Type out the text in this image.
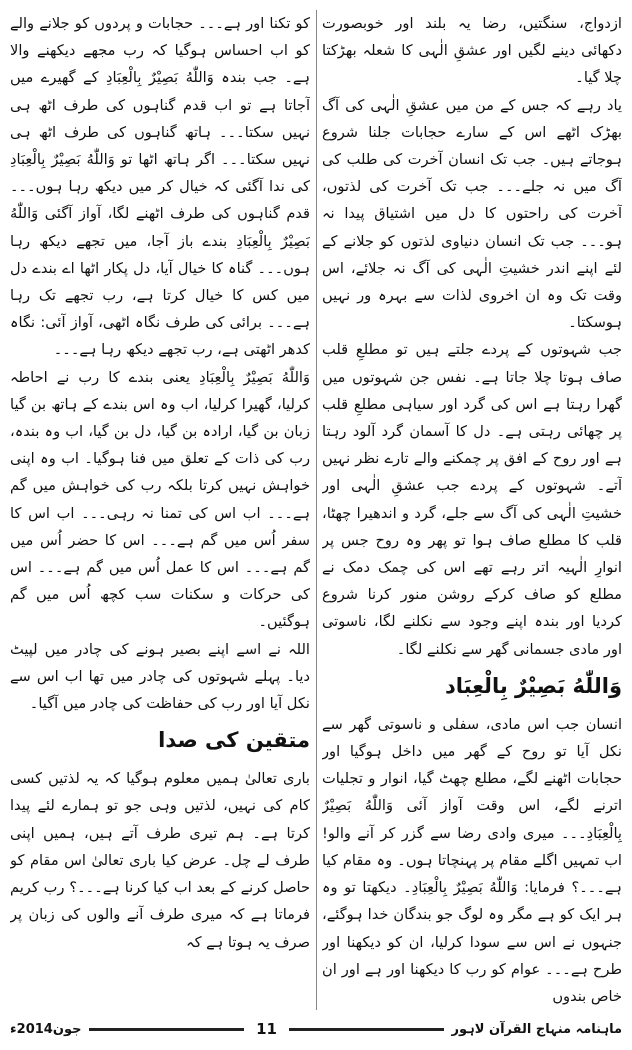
ازدواج، سنگتیں، رضا یہ بلند اور خوبصورت دکھائی دینے لگیں اور عشقِ الٰہی کا شعلہ بھڑکتا چلا گیا۔

یاد رہے کہ جس کے من میں عشقِ الٰہی کی آگ بھڑک اٹھے اس کے سارے حجابات جلنا شروع ہوجاتے ہیں۔ جب تک انسان آخرت کی طلب کی آگ میں نہ جلے۔۔۔ جب تک آخرت کی لذتوں، آخرت کی راحتوں کا دل میں اشتیاق پیدا نہ ہو۔۔۔ جب تک انسان دنیاوی لذتوں کو جلانے کے لئے اپنے اندر خشیتِ الٰہی کی آگ نہ جلائے، اس وقت تک وہ ان اخروی لذات سے بہرہ ور نہیں ہوسکتا۔

جب شہوتوں کے پردے جلتے ہیں تو مطلعِ قلب صاف ہوتا چلا جاتا ہے۔ نفس جن شہوتوں میں گھرا رہتا ہے اس کی گرد اور سیاہی مطلعِ قلب پر چھائی رہتی ہے۔ دل کا آسمان گرد آلود رہتا ہے اور روح کے افق پر چمکنے والے تارے نظر نہیں آتے۔ شہوتوں کے پردے جب عشقِ الٰہی اور خشیتِ الٰہی کی آگ سے جلے، گرد و اندھیرا چھٹا، قلب کا مطلع صاف ہوا تو پھر وہ روح جس پر انوارِ الٰہیہ اتر رہے تھے اس کی چمک دمک نے مطلع کو صاف کرکے روشن منور کرنا شروع کردیا اور بندہ اپنے وجود سے نکلنے لگا، ناسوتی اور مادی جسمانی گھر سے نکلنے لگا۔

وَاللّٰهُ بَصِیْرٌ بِالْعِبَاد

انسان جب اس مادی، سفلی و ناسوتی گھر سے نکل آیا تو روح کے گھر میں داخل ہوگیا اور حجابات اٹھنے لگے، مطلع چھٹ گیا، انوار و تجلیات اترنے لگے، اس وقت آواز آئی وَاللّٰهُ بَصِیْرٌ بِالْعِبَادِ۔۔۔ میری وادی رضا سے گزر کر آنے والو! اب تمہیں اگلے مقام پر پہنچاتا ہوں۔ وہ مقام کیا ہے۔۔۔؟ فرمایا: وَاللّٰهُ بَصِیْرٌ بِالْعِبَادِ۔ دیکھتا تو وہ ہر ایک کو ہے مگر وہ لوگ جو بندگان خدا ہوگئے، جنہوں نے اس سے سودا کرلیا، ان کو دیکھنا اور طرح ہے۔۔۔ عوام کو رب کا دیکھنا اور ہے اور ان خاص بندوں

کو تکنا اور ہے۔۔۔ حجابات و پردوں کو جلانے والے کو اب احساس ہوگیا کہ رب مجھے دیکھنے والا ہے۔ جب بندہ وَاللّٰهُ بَصِیْرٌ بِالْعِبَادِ کے گھیرے میں آجاتا ہے تو اب قدم گناہوں کی طرف اٹھ ہی نہیں سکتا۔۔۔ ہاتھ گناہوں کی طرف اٹھ ہی نہیں سکتا۔۔۔ اگر ہاتھ اٹھا تو وَاللّٰهُ بَصِیْرٌ بِالْعِبَادِ کی ندا آگئی کہ خیال کر میں دیکھ رہا ہوں۔۔۔ قدم گناہوں کی طرف اٹھنے لگا، آواز آگئی وَاللّٰهُ بَصِیْرٌ بِالْعِبَادِ بندے باز آجا، میں تجھے دیکھ رہا ہوں۔۔۔ گناہ کا خیال آیا، دل پکار اٹھا اے بندے دل میں کس کا خیال کرتا ہے، رب تجھے تک رہا ہے۔۔۔ برائی کی طرف نگاہ اٹھی، آواز آئی: نگاہ کدھر اٹھتی ہے، رب تجھے دیکھ رہا ہے۔۔۔

وَاللّٰهُ بَصِیْرٌ بِالْعِبَادِ یعنی بندے کا رب نے احاطہ کرلیا، گھیرا کرلیا، اب وہ اس بندے کے ہاتھ بن گیا زبان بن گیا، ارادہ بن گیا، دل بن گیا، اب وہ بندہ، رب کی ذات کے تعلق میں فنا ہوگیا۔ اب وہ اپنی خواہش نہیں کرتا بلکہ رب کی خواہش میں گم ہے۔۔۔ اب اس کی تمنا نہ رہی۔۔۔ اب اس کا سفر اُس میں گم ہے۔۔۔ اس کا حضر اُس میں گم ہے۔۔۔ اس کا عمل اُس میں گم ہے۔۔۔ اس کی حرکات و سکنات سب کچھ اُس میں گم ہوگئیں۔

اللہ نے اسے اپنے بصیر ہونے کی چادر میں لپیٹ دیا۔ پہلے شہوتوں کی چادر میں تھا اب اس سے نکل آیا اور رب کی حفاظت کی چادر میں آگیا۔

متقین کی صدا

باری تعالیٰ ہمیں معلوم ہوگیا کہ یہ لذتیں کسی کام کی نہیں، لذتیں وہی جو تو ہمارے لئے پیدا کرتا ہے۔ ہم تیری طرف آتے ہیں، ہمیں اپنی طرف لے چل۔ عرض کیا باری تعالیٰ اس مقام کو حاصل کرنے کے بعد اب کیا کرنا ہے۔۔۔؟ رب کریم فرماتا ہے کہ میری طرف آنے والوں کی زبان پر صرف یہ ہوتا ہے کہ

جون2014ء	11	ماہنامہ منہاج القرآن لاہور
